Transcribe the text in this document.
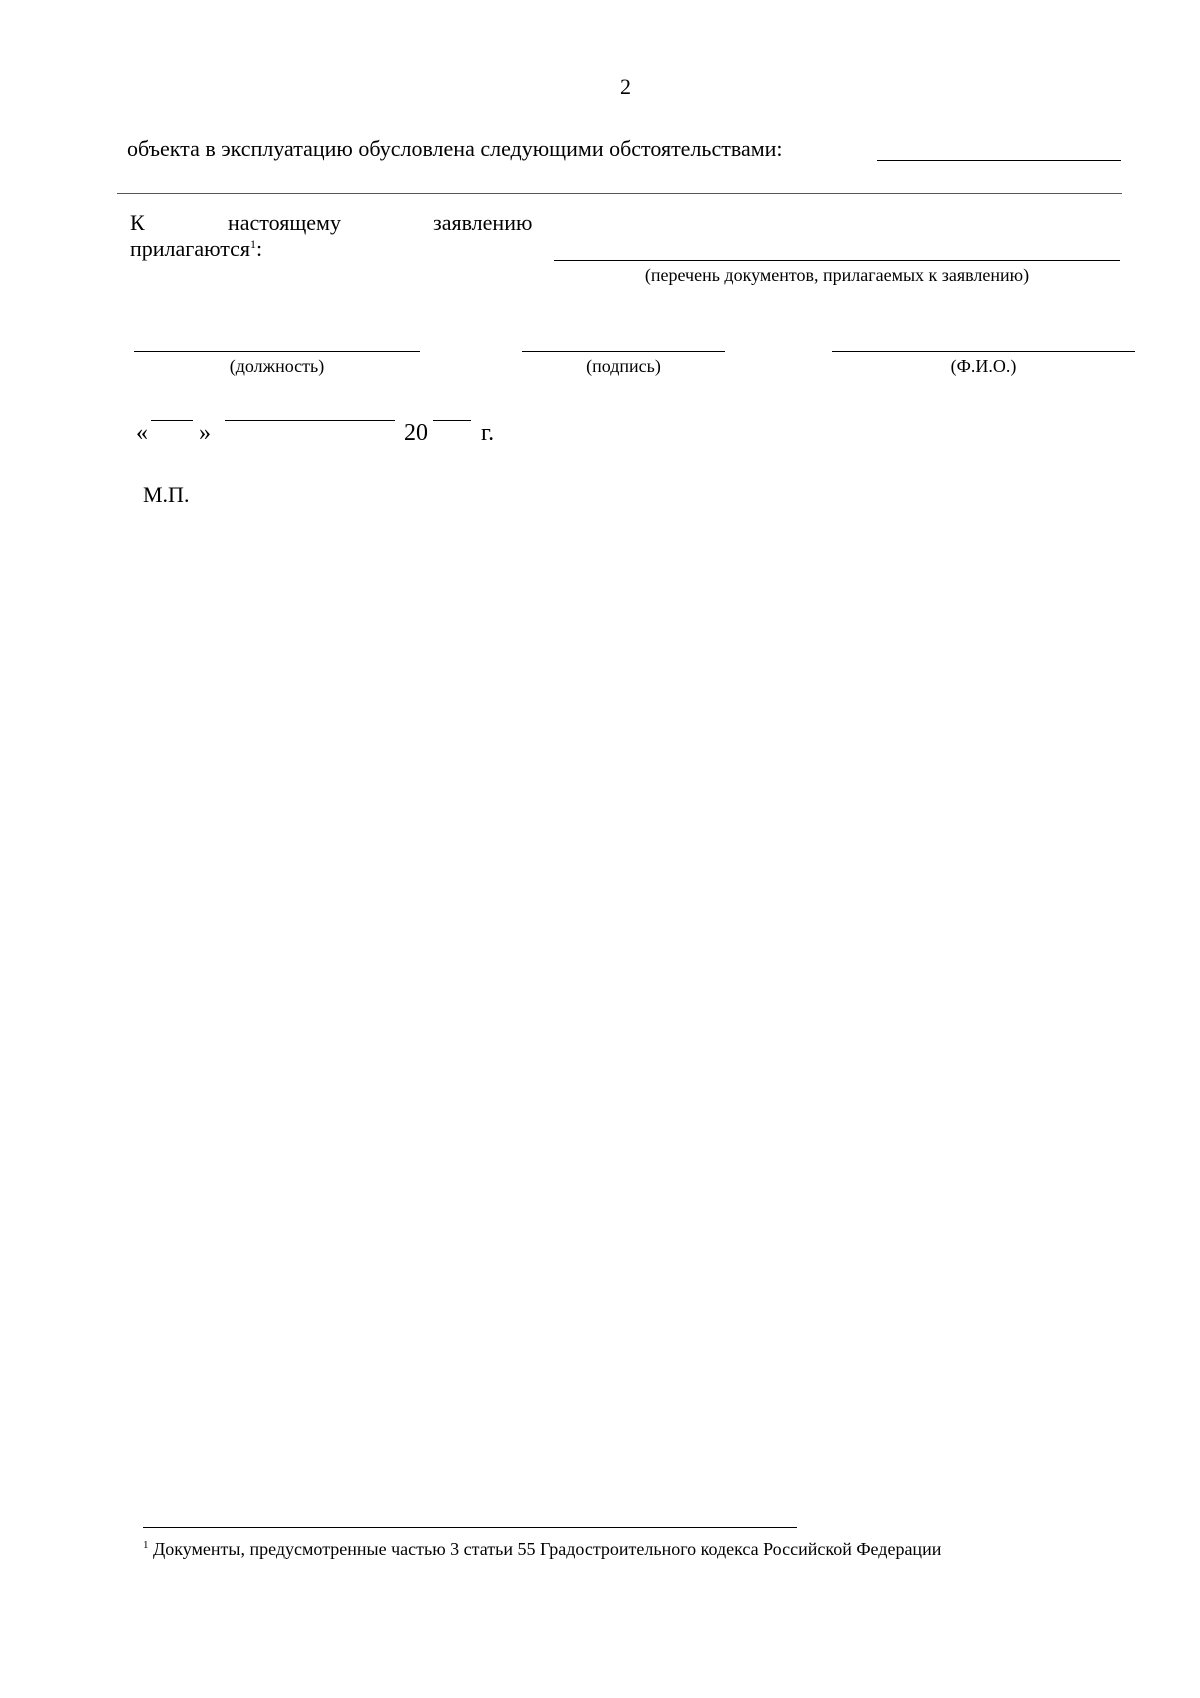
2
объекта в эксплуатацию обусловлена следующими обстоятельствами:
К	настоящему	заявлению
прилагаются$^1$:
(перечень документов, прилагаемых к заявлению)
(должность)	(подпись)	(Ф.И.О.)
« »	20 г.
М.П.
$^1$ Документы, предусмотренные частью 3 статьи 55 Градостроительного кодекса Российской Федерации
